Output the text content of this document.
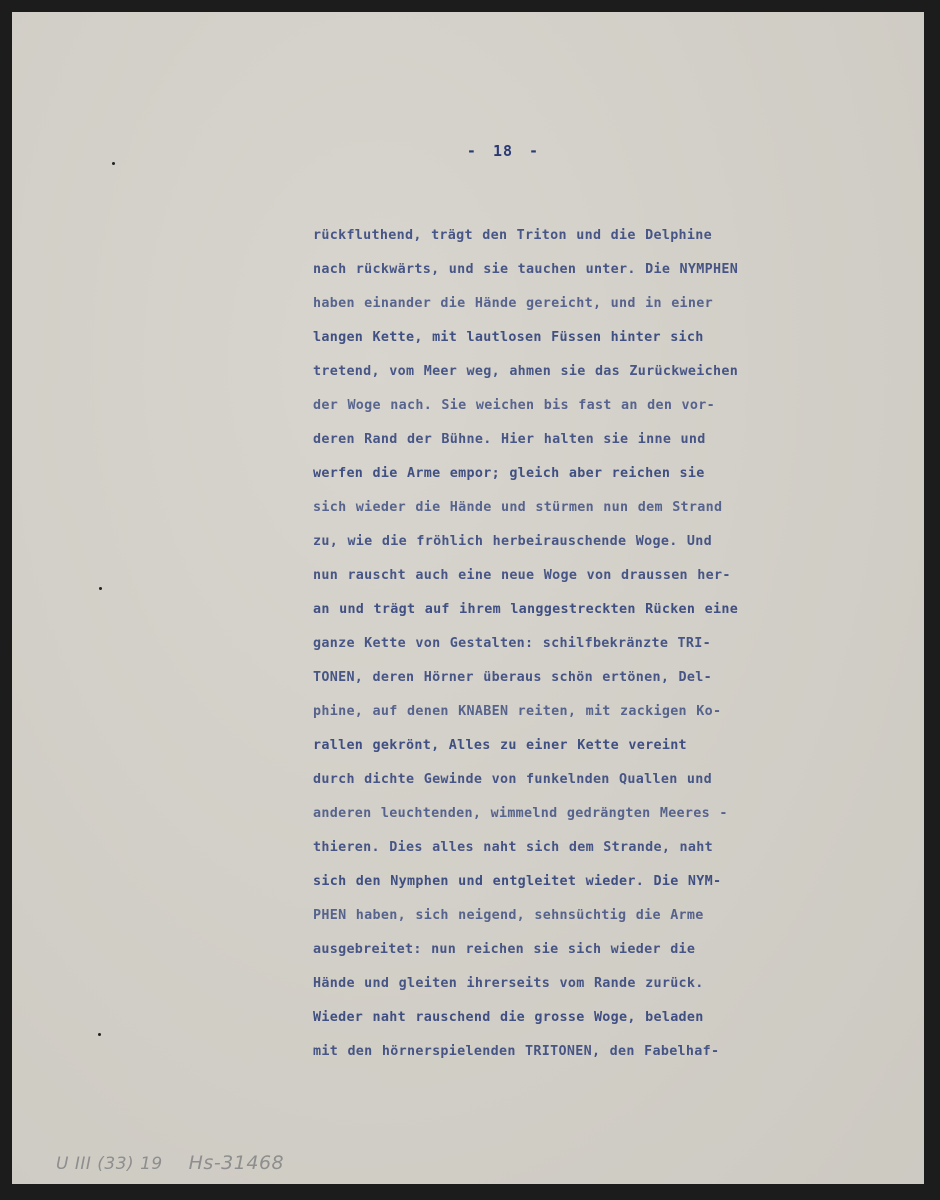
- 18 -
rückfluthend, trägt den Triton und die Delphine
nach rückwärts, und sie tauchen unter. Die NYMPHEN
haben einander die Hände gereicht, und in einer
langen Kette, mit lautlosen Füssen hinter sich
tretend, vom Meer weg, ahmen sie das Zurückweichen
der Woge nach. Sie weichen bis fast an den vor-
deren Rand der Bühne. Hier halten sie inne und
werfen die Arme empor; gleich aber reichen sie
sich wieder die Hände und stürmen nun dem Strand
zu, wie die fröhlich herbeirauschende Woge. Und
nun rauscht auch eine neue Woge von draussen her-
an und trägt auf ihrem langgestreckten Rücken eine
ganze Kette von Gestalten: schilfbekränzte TRI-
TONEN, deren Hörner überaus schön ertönen, Del-
phine, auf denen KNABEN reiten, mit zackigen Ko-
rallen gekrönt, Alles zu einer Kette vereint
durch dichte Gewinde von funkelnden Quallen und
anderen leuchtenden, wimmelnd gedrängten Meeres -
thieren. Dies alles naht sich dem Strande, naht
sich den Nymphen und entgleitet wieder. Die NYM-
PHEN haben, sich neigend, sehnsüchtig die Arme
ausgebreitet: nun reichen sie sich wieder die
Hände und gleiten ihrerseits vom Rande zurück.
Wieder naht rauschend die grosse Woge, beladen
mit den hörnerspielenden TRITONEN, den Fabelhaf-
U III (33) 19 Hs-31468
